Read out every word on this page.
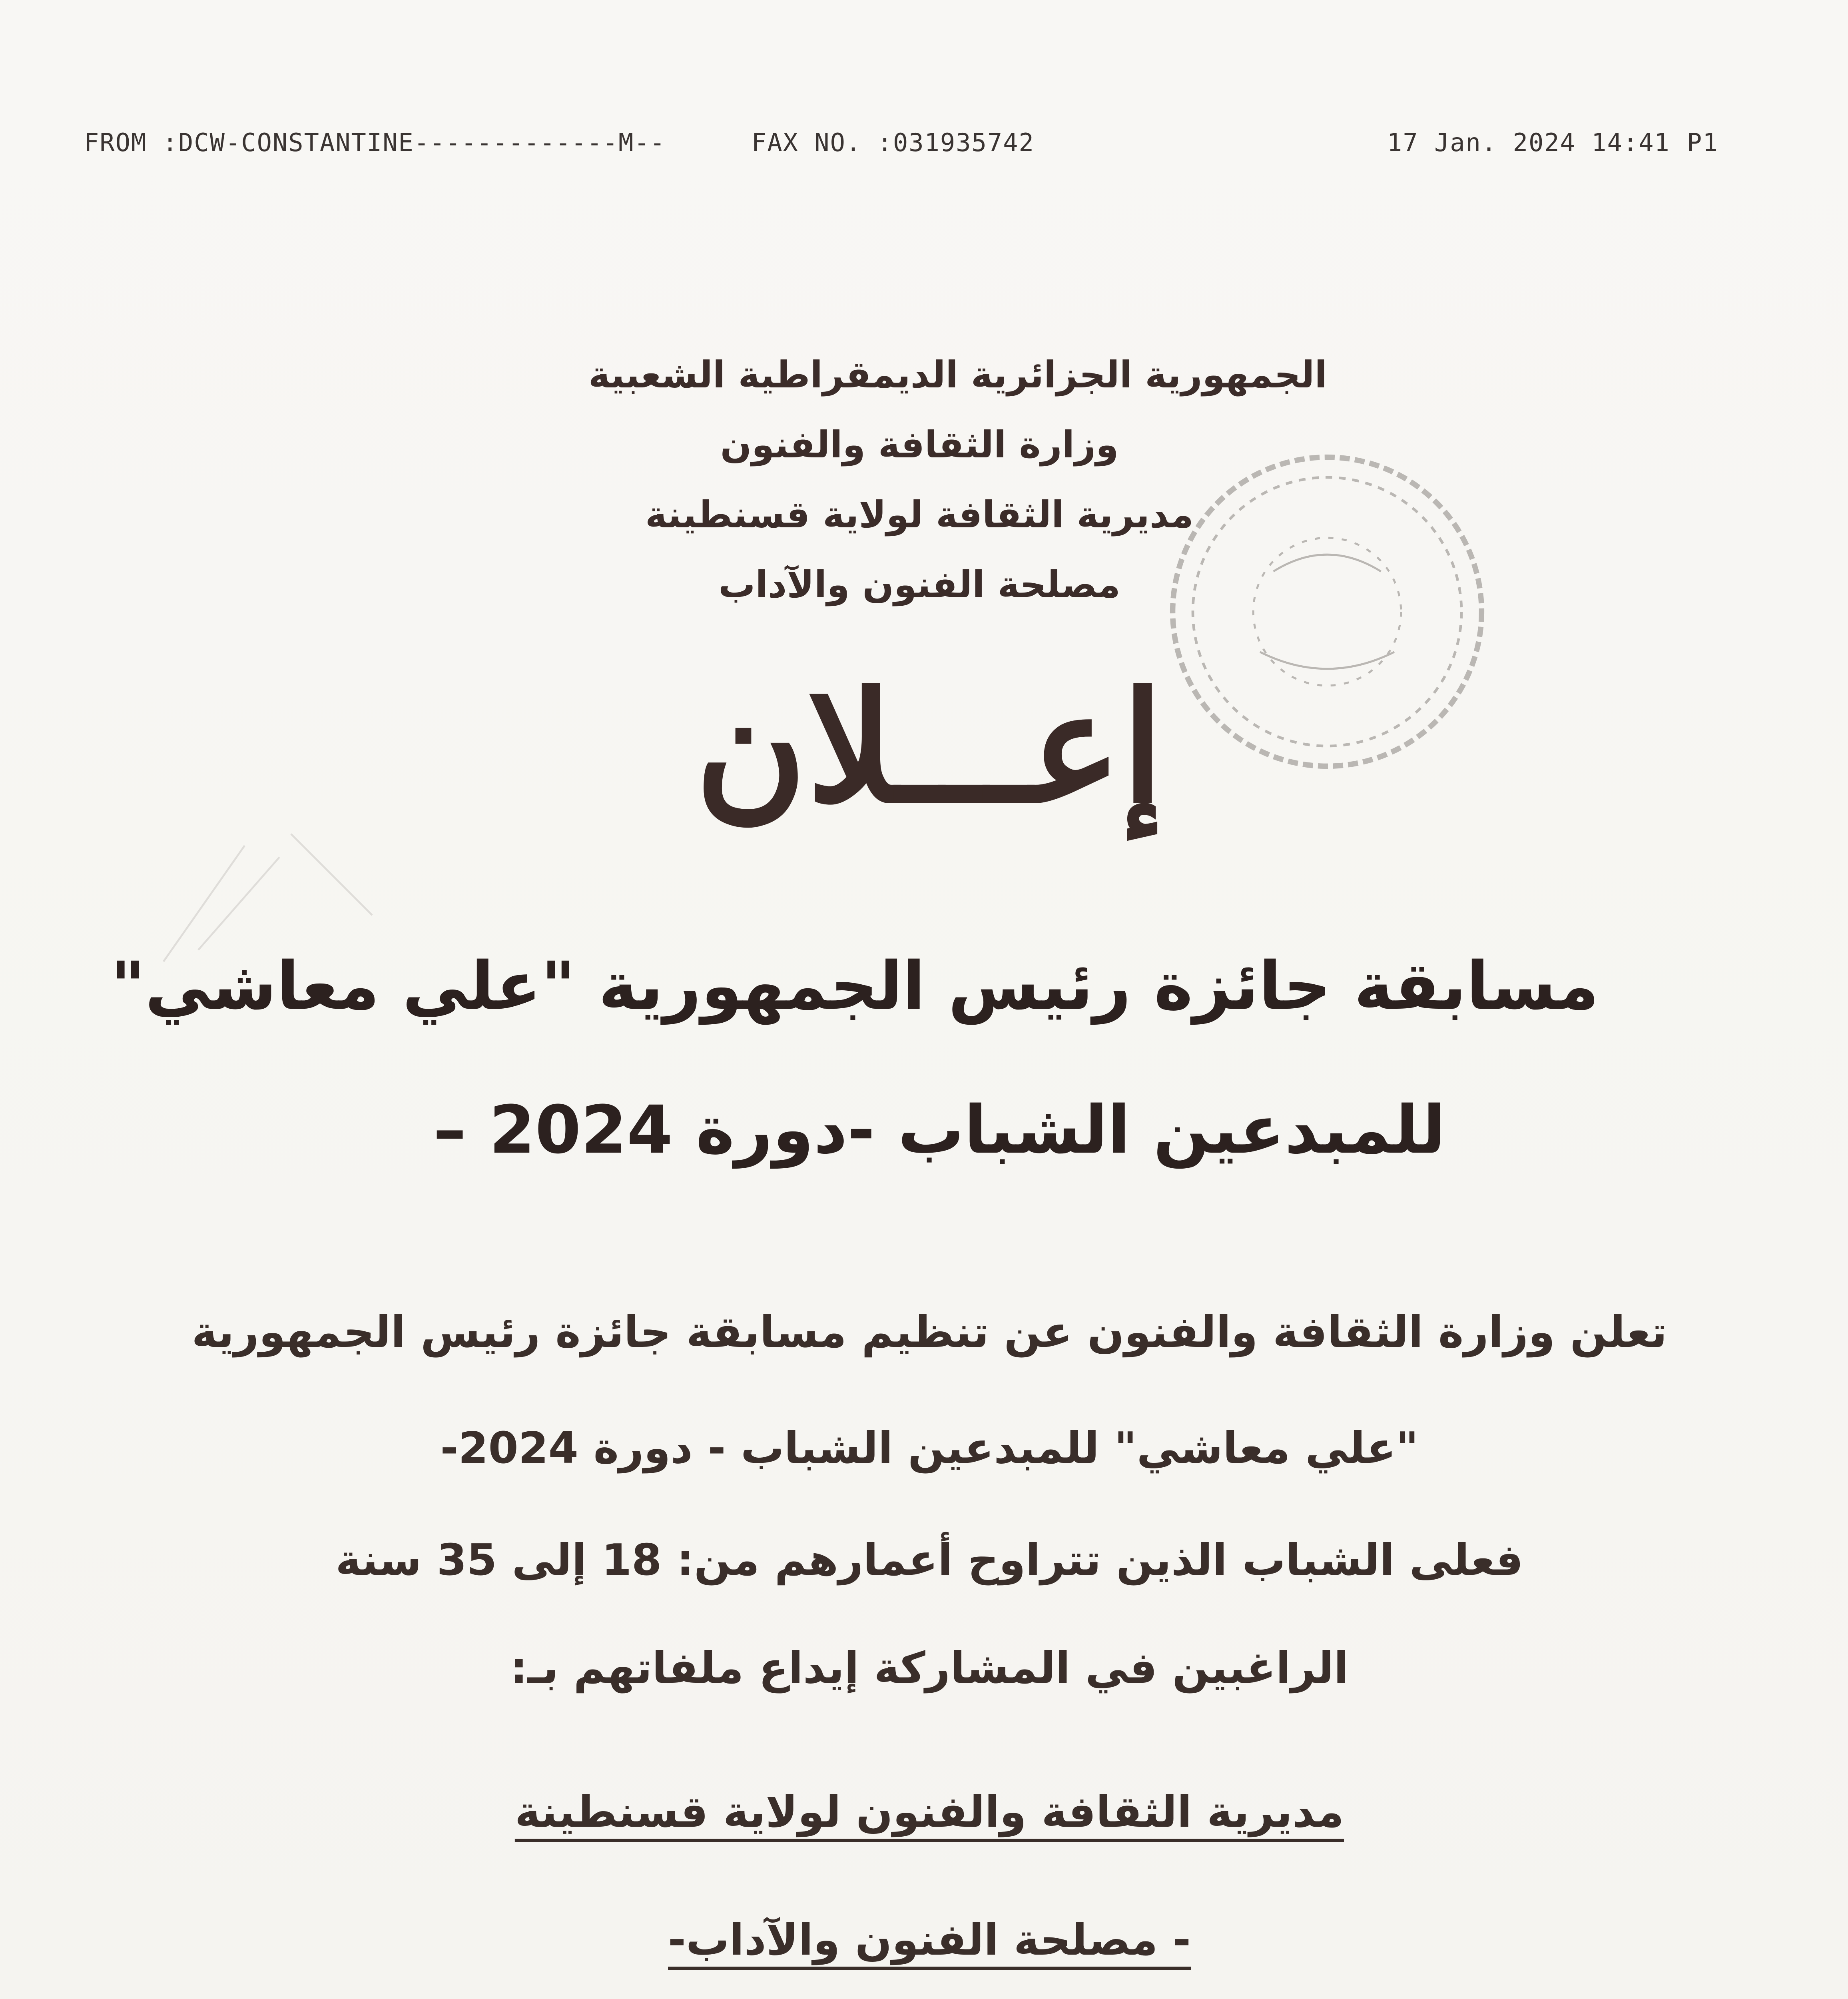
FROM :DCW-CONSTANTINE-------------M--	FAX NO. :031935742	17 Jan. 2024 14:41 P1
الجمهورية الجزائرية الديمقراطية الشعبية
وزارة الثقافة والفنون
مديرية الثقافة لولاية قسنطينة
مصلحة الفنون والآداب
إعـــلان
مسابقة جائزة رئيس الجمهورية "علي معاشي"
للمبدعين الشباب -دورة 2024 –
تعلن وزارة الثقافة والفنون عن تنظيم مسابقة جائزة رئيس الجمهورية
"علي معاشي" للمبدعين الشباب - دورة 2024-
فعلى الشباب الذين تتراوح أعمارهم من: 18 إلى 35 سنة
الراغبين في المشاركة إيداع ملفاتهم بـ:
مديرية الثقافة والفنون لولاية قسنطينة
- مصلحة الفنون والآداب-
